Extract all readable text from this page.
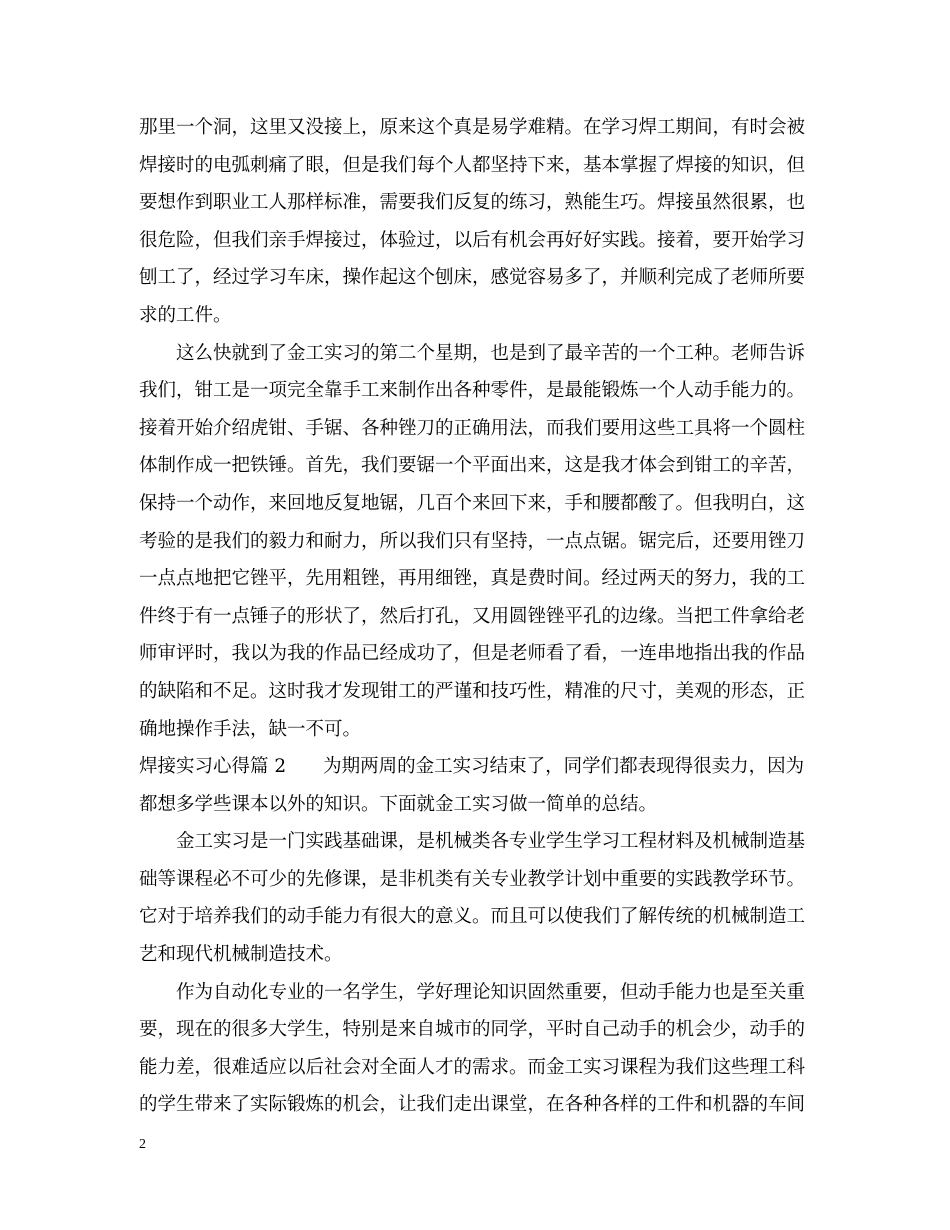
那里一个洞，这里又没接上，原来这个真是易学难精。在学习焊工期间，有时会被
焊接时的电弧刺痛了眼，但是我们每个人都坚持下来，基本掌握了焊接的知识，但
要想作到职业工人那样标准，需要我们反复的练习，熟能生巧。焊接虽然很累，也
很危险，但我们亲手焊接过，体验过，以后有机会再好好实践。接着，要开始学习
刨工了，经过学习车床，操作起这个刨床，感觉容易多了，并顺利完成了老师所要
求的工件。
　　这么快就到了金工实习的第二个星期，也是到了最辛苦的一个工种。老师告诉
我们，钳工是一项完全靠手工来制作出各种零件，是最能锻炼一个人动手能力的。
接着开始介绍虎钳、手锯、各种锉刀的正确用法，而我们要用这些工具将一个圆柱
体制作成一把铁锤。首先，我们要锯一个平面出来，这是我才体会到钳工的辛苦，
保持一个动作，来回地反复地锯，几百个来回下来，手和腰都酸了。但我明白，这
考验的是我们的毅力和耐力，所以我们只有坚持，一点点锯。锯完后，还要用锉刀
一点点地把它锉平，先用粗锉，再用细锉，真是费时间。经过两天的努力，我的工
件终于有一点锤子的形状了，然后打孔，又用圆锉锉平孔的边缘。当把工件拿给老
师审评时，我以为我的作品已经成功了，但是老师看了看，一连串地指出我的作品
的缺陷和不足。这时我才发现钳工的严谨和技巧性，精准的尺寸，美观的形态，正
确地操作手法，缺一不可。
焊接实习心得篇 2　　为期两周的金工实习结束了，同学们都表现得很卖力，因为
都想多学些课本以外的知识。下面就金工实习做一简单的总结。
　　金工实习是一门实践基础课，是机械类各专业学生学习工程材料及机械制造基
础等课程必不可少的先修课，是非机类有关专业教学计划中重要的实践教学环节。
它对于培养我们的动手能力有很大的意义。而且可以使我们了解传统的机械制造工
艺和现代机械制造技术。
　　作为自动化专业的一名学生，学好理论知识固然重要，但动手能力也是至关重
要，现在的很多大学生，特别是来自城市的同学，平时自己动手的机会少，动手的
能力差，很难适应以后社会对全面人才的需求。而金工实习课程为我们这些理工科
的学生带来了实际锻炼的机会，让我们走出课堂，在各种各样的工件和机器的车间
2
